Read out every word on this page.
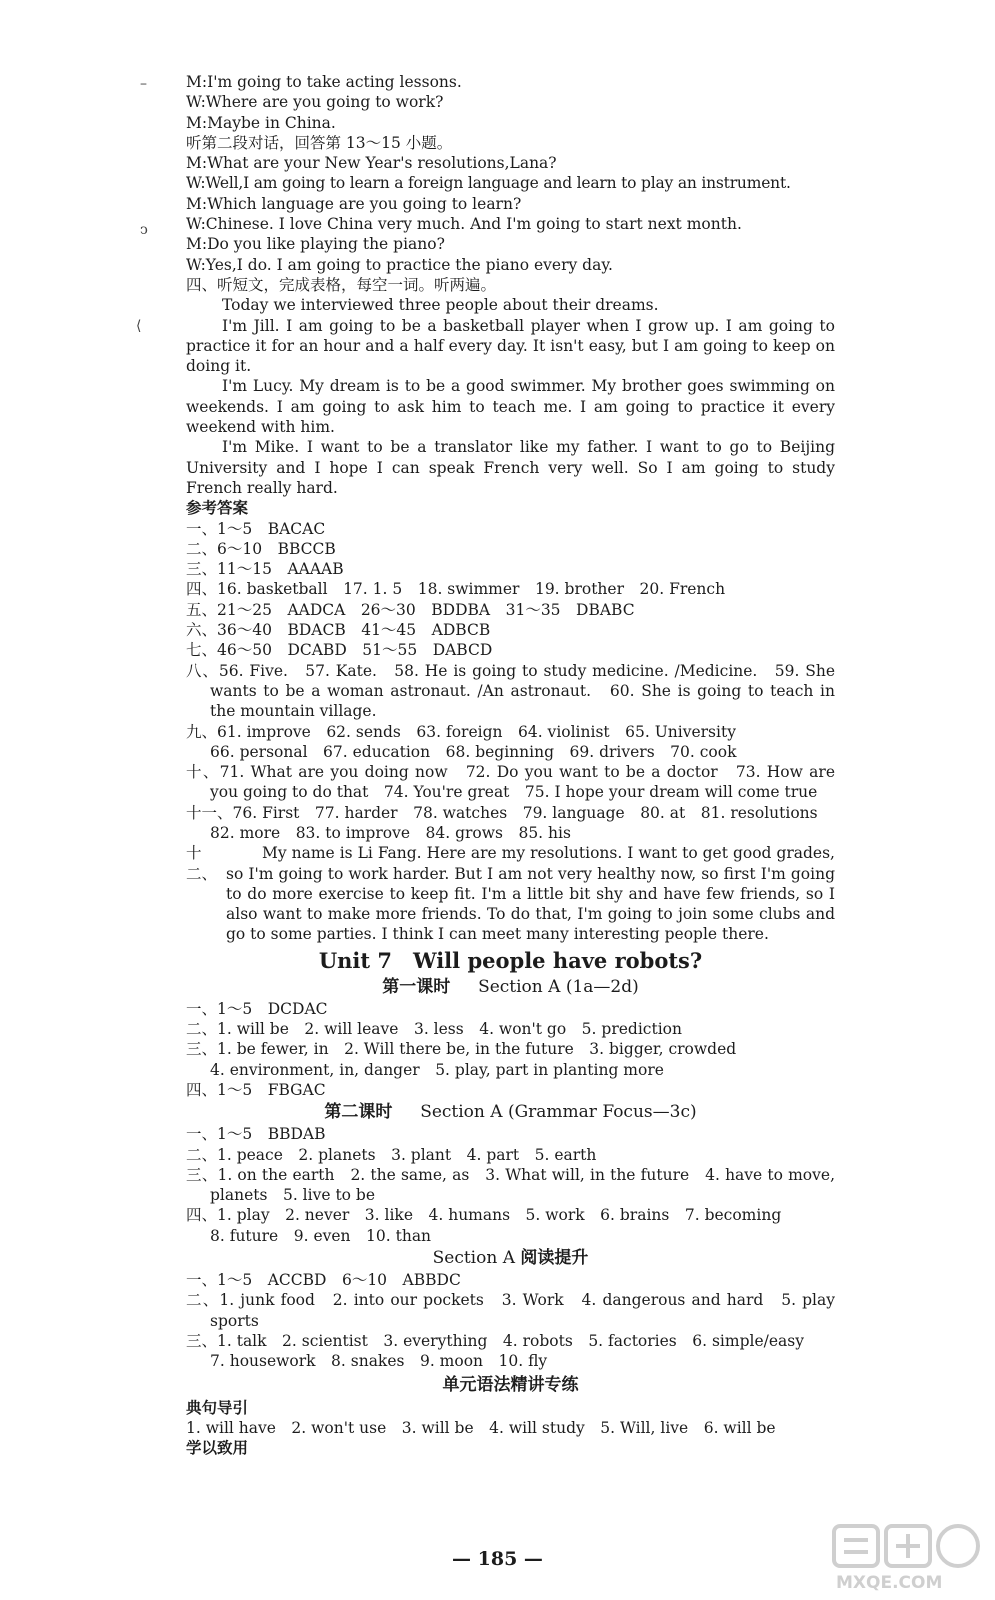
–
ↄ
⟨
M:I'm going to take acting lessons.
W:Where are you going to work?
M:Maybe in China.
听第二段对话，回答第 13～15 小题。
M:What are your New Year's resolutions,Lana?
W:Well,I am going to learn a foreign language and learn to play an instrument.
M:Which language are you going to learn?
W:Chinese. I love China very much. And I'm going to start next month.
M:Do you like playing the piano?
W:Yes,I do. I am going to practice the piano every day.
四、听短文，完成表格，每空一词。听两遍。
Today we interviewed three people about their dreams.
I'm Jill. I am going to be a basketball player when I grow up. I am going to practice it for an hour and a half every day. It isn't easy, but I am going to keep on doing it.
I'm Lucy. My dream is to be a good swimmer. My brother goes swimming on weekends. I am going to ask him to teach me. I am going to practice it every weekend with him.
I'm Mike. I want to be a translator like my father. I want to go to Beijing University and I hope I can speak French very well. So I am going to study French really hard.
参考答案
一、1～5　BACAC
二、6～10　BBCCB
三、11～15　AAAAB
四、16. basketball　17. 1. 5　18. swimmer　19. brother　20. French
五、21～25　AADCA　26～30　BDDBA　31～35　DBABC
六、36～40　BDACB　41～45　ADBCB
七、46～50　DCABD　51～55　DABCD
八、56. Five.　57. Kate.　58. He is going to study medicine. /Medicine.　59. She wants to be a woman astronaut. /An astronaut.　60. She is going to teach in the mountain village.
九、61. improve　62. sends　63. foreign　64. violinist　65. University
66. personal　67. education　68. beginning　69. drivers　70. cook
十、71. What are you doing now　72. Do you want to be a doctor　73. How are you going to do that　74. You're great　75. I hope your dream will come true
十一、76. First　77. harder　78. watches　79. language　80. at　81. resolutions
82. more　83. to improve　84. grows　85. his
十二、
My name is Li Fang. Here are my resolutions. I want to get good grades, so I'm going to work harder. But I am not very healthy now, so first I'm going to do more exercise to keep fit. I'm a little bit shy and have few friends, so I also want to make more friends. To do that, I'm going to join some clubs and go to some parties. I think I can meet many interesting people there.
Unit 7　Will people have robots?
第一课时 　 Section A (1a—2d)
一、1～5　DCDAC
二、1. will be　2. will leave　3. less　4. won't go　5. prediction
三、1. be fewer, in　2. Will there be, in the future　3. bigger, crowded
4. environment, in, danger　5. play, part in planting more
四、1～5　FBGAC
第二课时 　 Section A (Grammar Focus—3c)
一、1～5　BBDAB
二、1. peace　2. planets　3. plant　4. part　5. earth
三、1. on the earth　2. the same, as　3. What will, in the future　4. have to move, planets　5. live to be
四、1. play　2. never　3. like　4. humans　5. work　6. brains　7. becoming
8. future　9. even　10. than
Section A 阅读提升
一、1～5　ACCBD　6～10　ABBDC
二、1. junk food　2. into our pockets　3. Work　4. dangerous and hard　5. play sports
三、1. talk　2. scientist　3. everything　4. robots　5. factories　6. simple/easy
7. housework　8. snakes　9. moon　10. fly
单元语法精讲专练
典句导引
1. will have　2. won't use　3. will be　4. will study　5. Will, live　6. will be
学以致用
— 185 —
MXQE.COM
